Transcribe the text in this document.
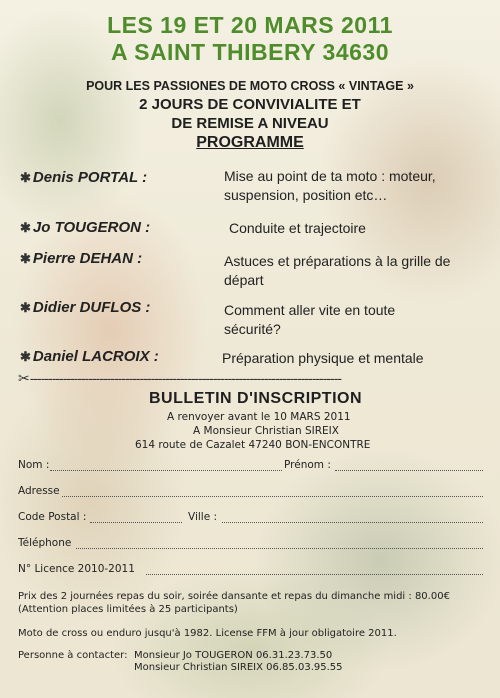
LES 19 ET 20 MARS 2011
A SAINT THIBERY 34630
POUR LES PASSIONES DE MOTO CROSS « VINTAGE »
2 JOURS DE CONVIVIALITE ET
DE REMISE A NIVEAU
PROGRAMME
✱ Denis PORTAL :	Mise au point de ta moto : moteur, suspension, position etc…
✱ Jo TOUGERON :	Conduite et trajectoire
✱ Pierre DEHAN :	Astuces et préparations à la grille de départ
✱ Didier DUFLOS :	Comment aller vite en toute sécurité?
✱ Daniel LACROIX :	Préparation physique et mentale
✂-------------------------------------------------------------------------------------
BULLETIN D'INSCRIPTION
A renvoyer avant le 10 MARS 2011
A Monsieur Christian SIREIX
614 route de Cazalet 47240 BON-ENCONTRE
Nom :	Prénom :
Adresse
Code Postal :	Ville :
Téléphone
N° Licence 2010-2011
Prix des 2 journées repas du soir, soirée dansante et repas du dimanche midi : 80.00€
(Attention places limitées à 25 participants)
Moto de cross ou enduro jusqu'à 1982. License FFM à jour obligatoire 2011.
Personne à contacter: Monsieur Jo TOUGERON 06.31.23.73.50
Monsieur Christian SIREIX 06.85.03.95.55
